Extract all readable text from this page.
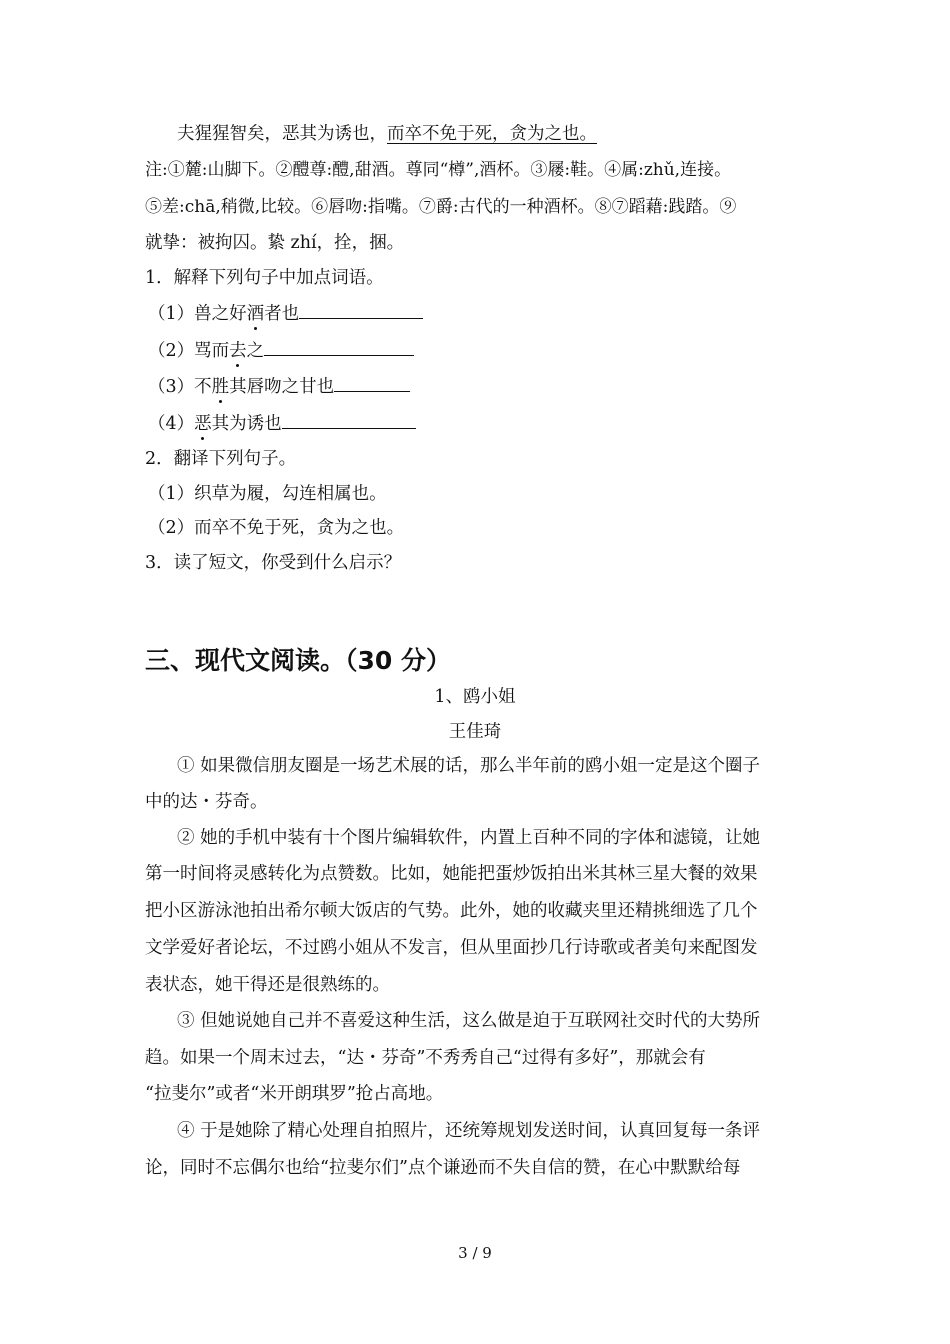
夫猩猩智矣，恶其为诱也，而卒不免于死，贪为之也。
注:①麓:山脚下。②醴尊:醴,甜酒。尊同“樽”,酒杯。③屦:鞋。④属:zhǔ,连接。
⑤差:chā,稍微,比较。⑥唇吻:指嘴。⑦爵:古代的一种酒杯。⑧⑦蹈藉:践踏。⑨
就挚：被拘囚。絷 zhí，拴，捆。
1．解释下列句子中加点词语。
（1）兽之好酒者也
（2）骂而去之
（3）不胜其唇吻之甘也
（4）恶其为诱也
2．翻译下列句子。
（1）织草为履，勾连相属也。
（2）而卒不免于死，贪为之也。
3．读了短文，你受到什么启示？
三、现代文阅读。（30 分）
1、鸥小姐
王佳琦
① 如果微信朋友圈是一场艺术展的话，那么半年前的鸥小姐一定是这个圈子
中的达・芬奇。
② 她的手机中装有十个图片编辑软件，内置上百种不同的字体和滤镜，让她
第一时间将灵感转化为点赞数。比如，她能把蛋炒饭拍出米其林三星大餐的效果
把小区游泳池拍出希尔顿大饭店的气势。此外，她的收藏夹里还精挑细选了几个
文学爱好者论坛，不过鸥小姐从不发言，但从里面抄几行诗歌或者美句来配图发
表状态，她干得还是很熟练的。
③ 但她说她自己并不喜爱这种生活，这么做是迫于互联网社交时代的大势所
趋。如果一个周末过去，“达・芬奇”不秀秀自己“过得有多好”，那就会有
“拉斐尔”或者“米开朗琪罗”抢占高地。
④ 于是她除了精心处理自拍照片，还统筹规划发送时间，认真回复每一条评
论，同时不忘偶尔也给“拉斐尔们”点个谦逊而不失自信的赞，在心中默默给每
3 / 9
